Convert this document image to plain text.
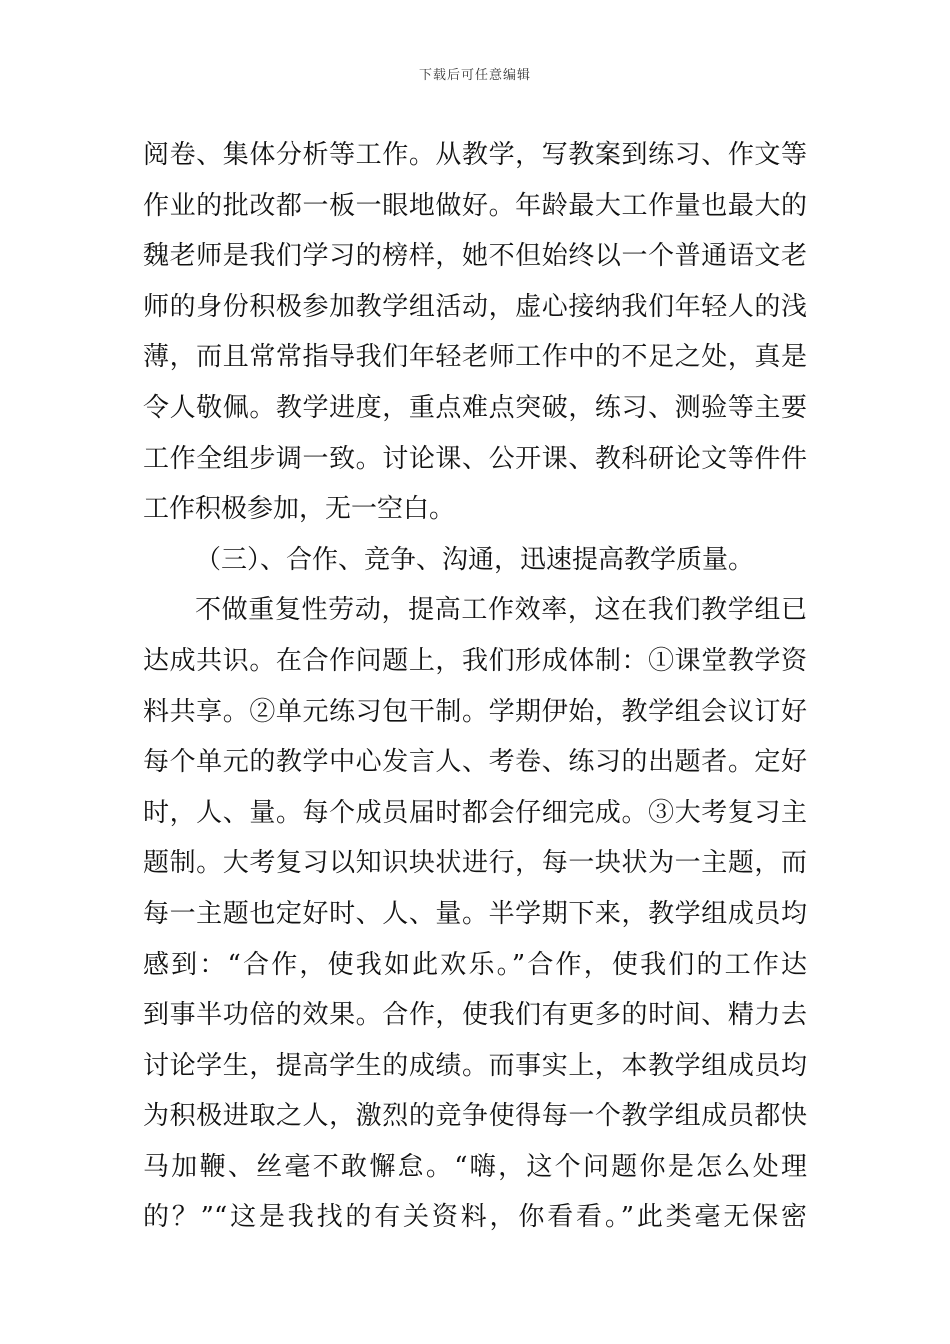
下载后可任意编辑
阅卷、集体分析等工作。从教学，写教案到练习、作文等
作业的批改都一板一眼地做好。年龄最大工作量也最大的
魏老师是我们学习的榜样，她不但始终以一个普通语文老
师的身份积极参加教学组活动，虚心接纳我们年轻人的浅
薄，而且常常指导我们年轻老师工作中的不足之处，真是
令人敬佩。教学进度，重点难点突破，练习、测验等主要
工作全组步调一致。讨论课、公开课、教科研论文等件件
工作积极参加，无一空白。
（三）、合作、竞争、沟通，迅速提高教学质量。
不做重复性劳动，提高工作效率，这在我们教学组已
达成共识。在合作问题上，我们形成体制：①课堂教学资
料共享。②单元练习包干制。学期伊始，教学组会议订好
每个单元的教学中心发言人、考卷、练习的出题者。定好
时，人、量。每个成员届时都会仔细完成。③大考复习主
题制。大考复习以知识块状进行，每一块状为一主题，而
每一主题也定好时、人、量。半学期下来，教学组成员均
感到：“合作，使我如此欢乐。”合作，使我们的工作达
到事半功倍的效果。合作，使我们有更多的时间、精力去
讨论学生，提高学生的成绩。而事实上，本教学组成员均
为积极进取之人，激烈的竞争使得每一个教学组成员都快
马加鞭、丝毫不敢懈怠。“嗨，这个问题你是怎么处理
的？”“这是我找的有关资料，你看看。”此类毫无保密
